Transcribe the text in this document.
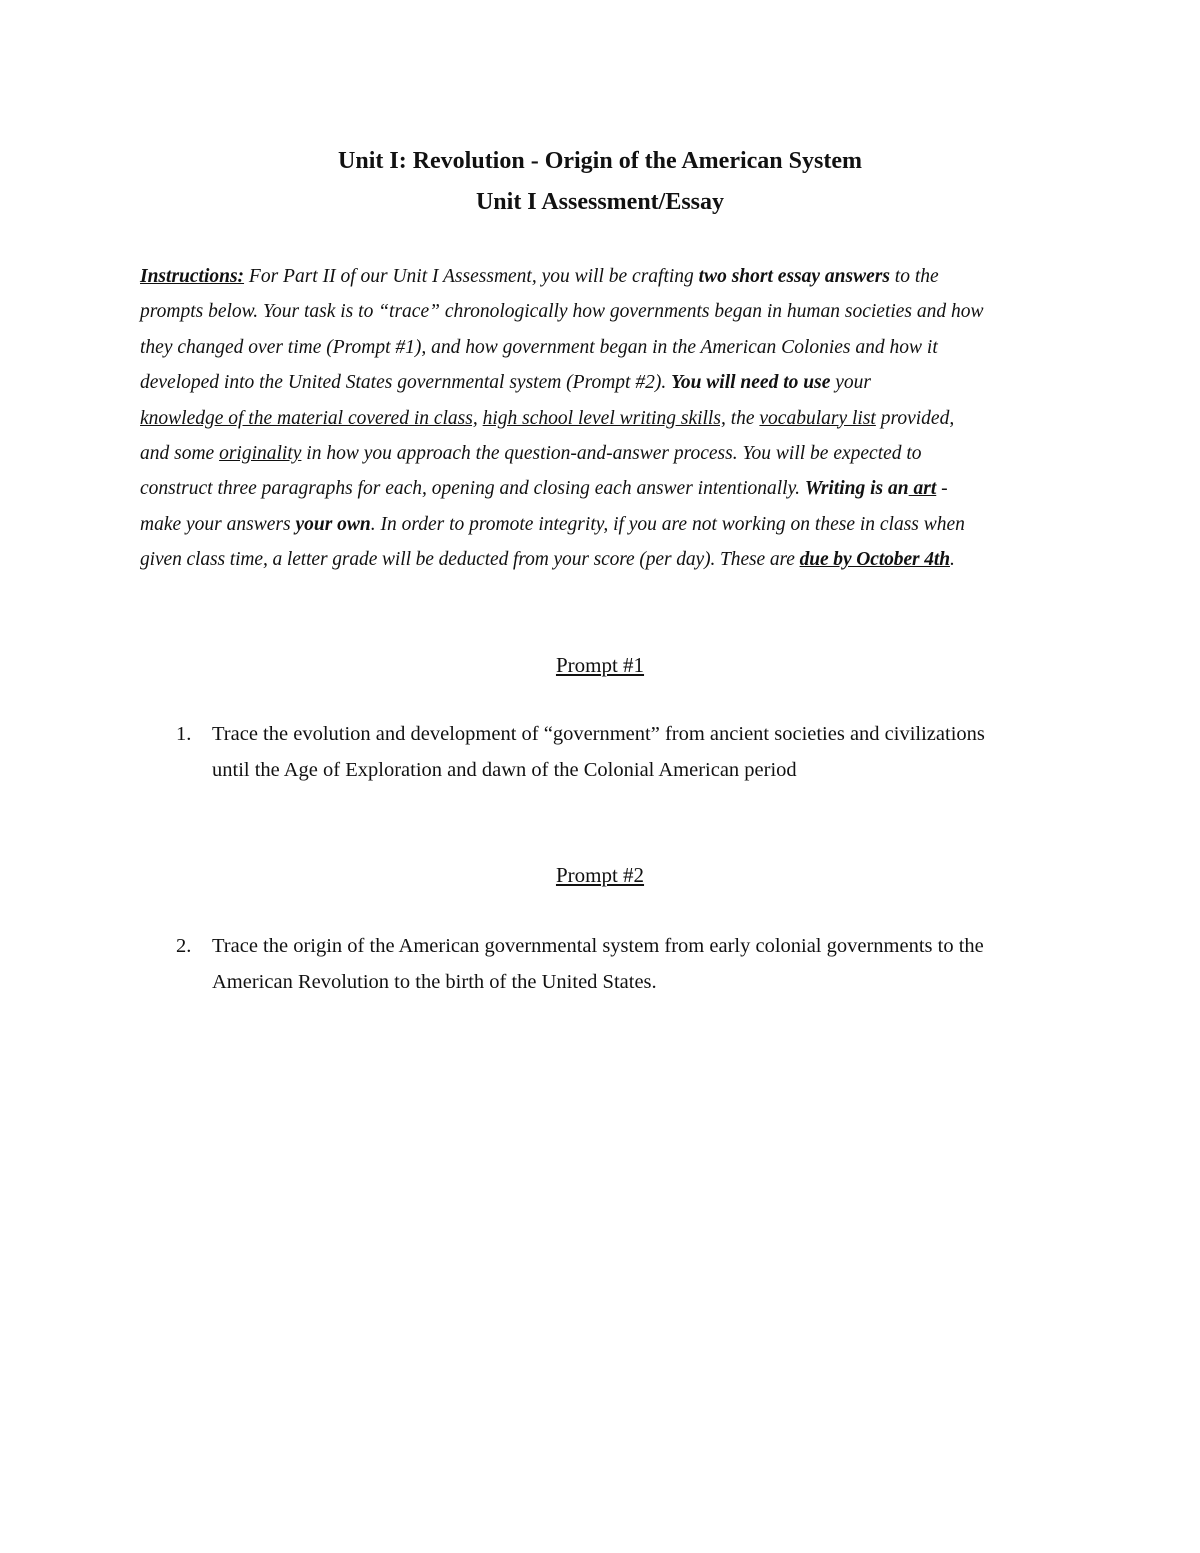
Unit I: Revolution - Origin of the American System
Unit I Assessment/Essay
Instructions: For Part II of our Unit I Assessment, you will be crafting two short essay answers to the
prompts below. Your task is to “trace” chronologically how governments began in human societies and how
they changed over time (Prompt #1), and how government began in the American Colonies and how it
developed into the United States governmental system (Prompt #2). You will need to use your
knowledge of the material covered in class, high school level writing skills, the vocabulary list provided,
and some originality in how you approach the question-and-answer process. You will be expected to
construct three paragraphs for each, opening and closing each answer intentionally. Writing is an art -
make your answers your own. In order to promote integrity, if you are not working on these in class when
given class time, a letter grade will be deducted from your score (per day). These are due by October 4th.
Prompt #1
1. Trace the evolution and development of “government” from ancient societies and civilizations
until the Age of Exploration and dawn of the Colonial American period
Prompt #2
2. Trace the origin of the American governmental system from early colonial governments to the
American Revolution to the birth of the United States.
